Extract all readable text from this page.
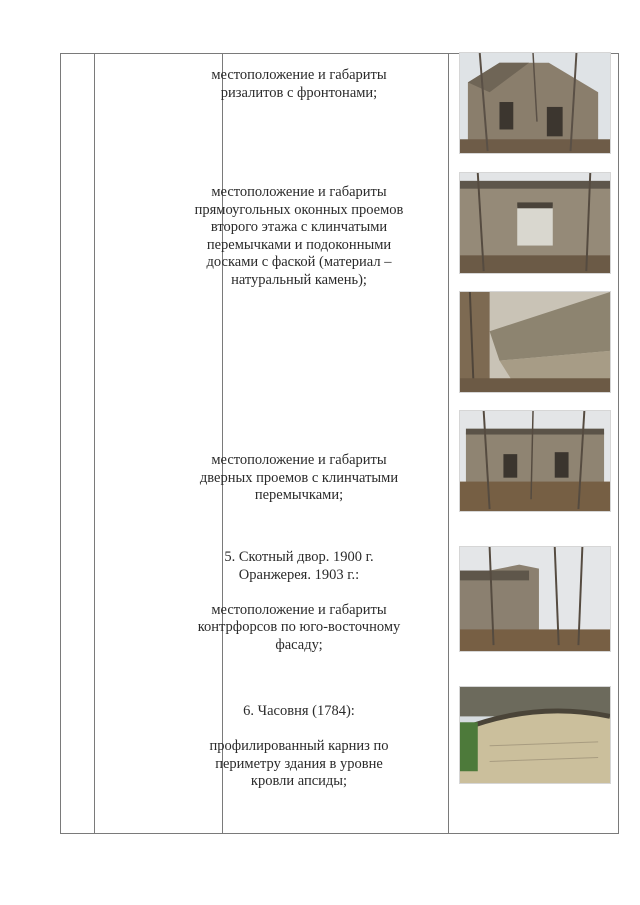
местоположение и габариты ризалитов с фронтонами;

местоположение и габариты прямоугольных оконных проемов второго этажа с клинчатыми перемычками и подоконными досками с фаской (материал – натуральный камень);

местоположение и габариты дверных проемов с клинчатыми перемычками;

5. Скотный двор. 1900 г. Оранжерея. 1903 г.:

местоположение и габариты контрфорсов по юго-восточному фасаду;

6. Часовня (1784):

профилированный карниз по периметру здания в уровне кровли апсиды;
